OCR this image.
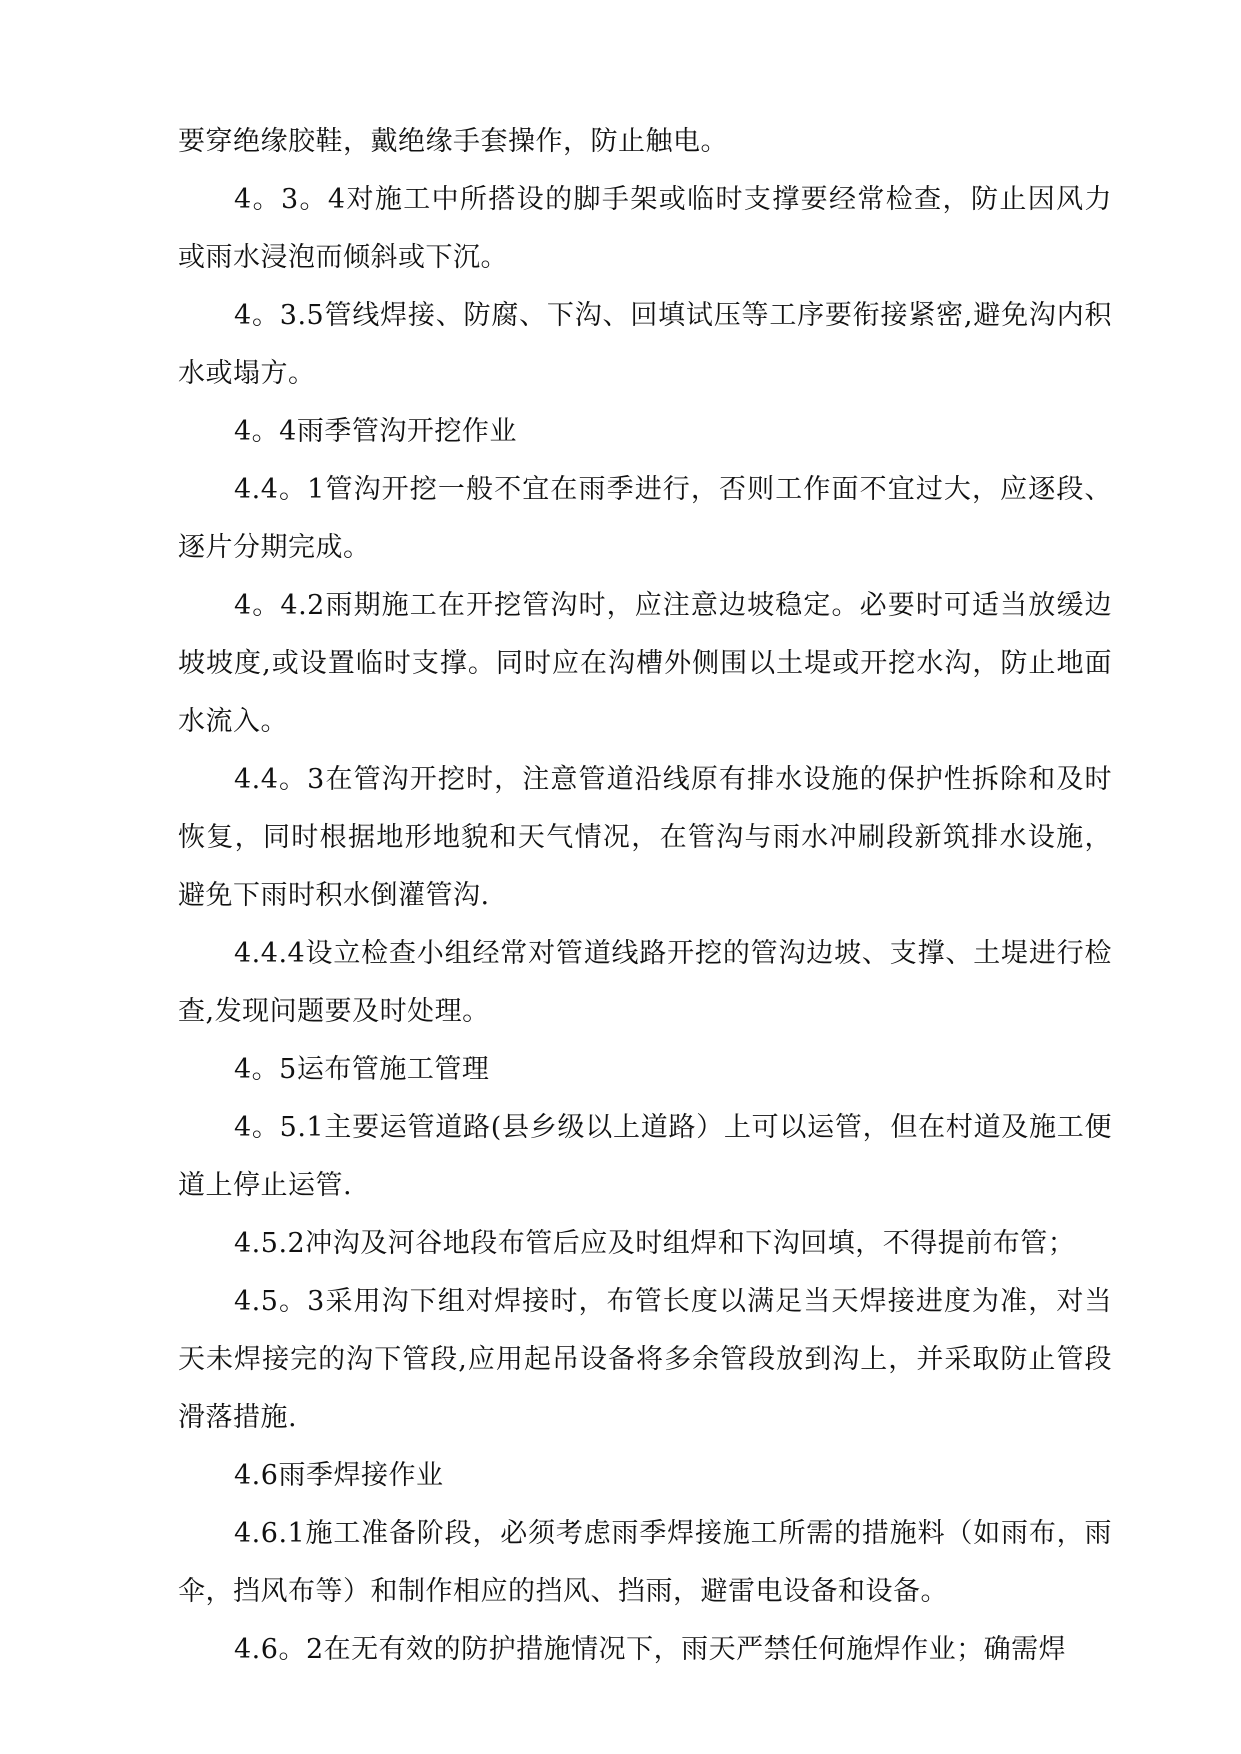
要穿绝缘胶鞋，戴绝缘手套操作，防止触电。

4。3。4对施工中所搭设的脚手架或临时支撑要经常检查，防止因风力或雨水浸泡而倾斜或下沉。

4。3.5管线焊接、防腐、下沟、回填试压等工序要衔接紧密,避免沟内积水或塌方。

4。4雨季管沟开挖作业

4.4。1管沟开挖一般不宜在雨季进行，否则工作面不宜过大，应逐段、逐片分期完成。

4。4.2雨期施工在开挖管沟时，应注意边坡稳定。必要时可适当放缓边坡坡度,或设置临时支撑。同时应在沟槽外侧围以土堤或开挖水沟，防止地面水流入。

4.4。3在管沟开挖时，注意管道沿线原有排水设施的保护性拆除和及时恢复，同时根据地形地貌和天气情况，在管沟与雨水冲刷段新筑排水设施，避免下雨时积水倒灌管沟.

4.4.4设立检查小组经常对管道线路开挖的管沟边坡、支撑、土堤进行检查,发现问题要及时处理。

4。5运布管施工管理

4。5.1主要运管道路(县乡级以上道路）上可以运管，但在村道及施工便道上停止运管.

4.5.2冲沟及河谷地段布管后应及时组焊和下沟回填，不得提前布管；

4.5。3采用沟下组对焊接时，布管长度以满足当天焊接进度为准，对当天未焊接完的沟下管段,应用起吊设备将多余管段放到沟上，并采取防止管段滑落措施.

4.6雨季焊接作业

4.6.1施工准备阶段，必须考虑雨季焊接施工所需的措施料（如雨布，雨伞，挡风布等）和制作相应的挡风、挡雨，避雷电设备和设备。

4.6。2在无有效的防护措施情况下，雨天严禁任何施焊作业；确需焊
